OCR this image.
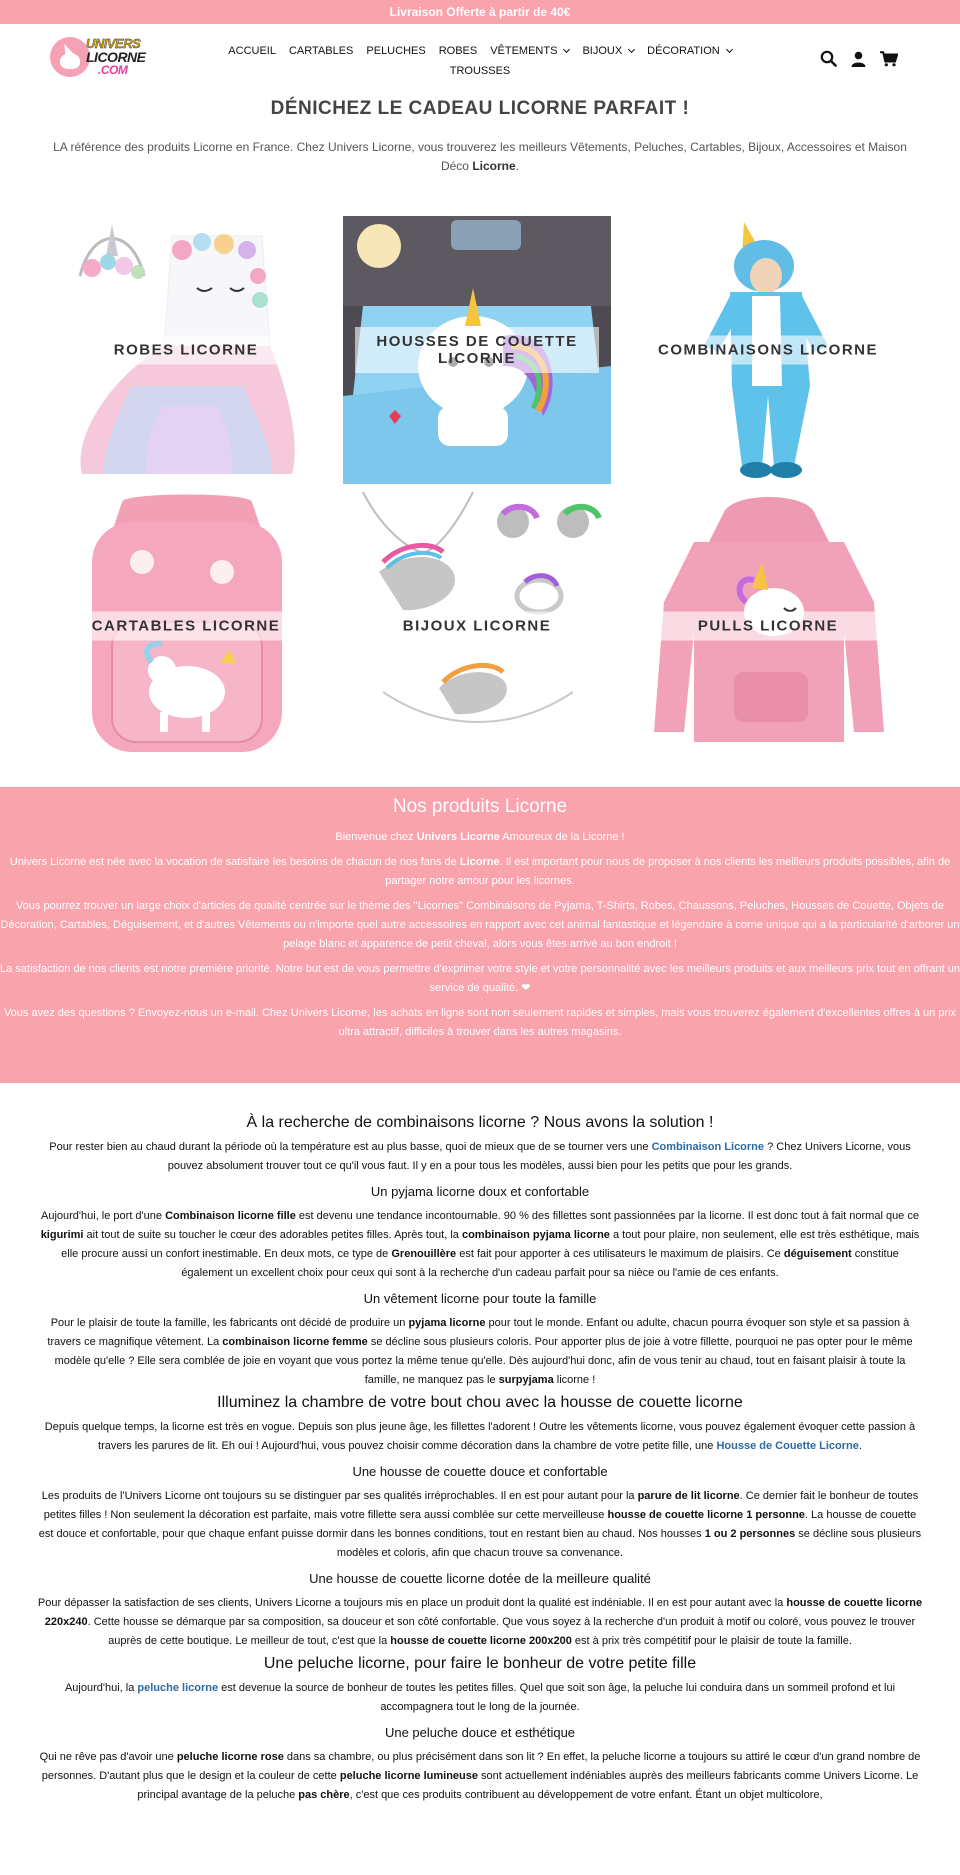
Livraison Offerte à partir de 40€
UNIVERS
LICORNE
.COM
ACCUEIL CARTABLES PELUCHES ROBES VÊTEMENTS BIJOUX DÉCORATION
TROUSSES
DÉNICHEZ LE CADEAU LICORNE PARFAIT !

LA référence des produits Licorne en France. Chez Univers Licorne, vous trouverez les meilleurs Vêtements, Peluches, Cartables, Bijoux, Accessoires et Maison Déco Licorne.

ROBES LICORNE	HOUSSES DE COUETTE LICORNE	COMBINAISONS LICORNE
CARTABLES LICORNE	BIJOUX LICORNE	PULLS LICORNE
Nos produits Licorne

Bienvenue chez Univers Licorne Amoureux de la Licorne !

Univers Licorne est née avec la vocation de satisfaire les besoins de chacun de nos fans de Licorne. Il est important pour nous de proposer à nos clients les meilleurs produits possibles, afin de partager notre amour pour les licornes.

Vous pourrez trouver un large choix d'articles de qualité centrée sur le thème des "Licornes" Combinaisons de Pyjama, T-Shirts, Robes, Chaussons, Peluches, Housses de Couette, Objets de Décoration, Cartables, Déguisement, et d'autres Vêtements ou n'importe quel autre accessoires en rapport avec cet animal fantastique et légendaire à corne unique qui a la particularité d'arborer un pelage blanc et apparence de petit cheval, alors vous êtes arrivé au bon endroit !

La satisfaction de nos clients est notre première priorité. Notre but est de vous permettre d'exprimer votre style et votre personnalité avec les meilleurs produits et aux meilleurs prix tout en offrant un service de qualité. ❤

Vous avez des questions ? Envoyez-nous un e-mail. Chez Univers Licorne, les achats en ligne sont non seulement rapides et simples, mais vous trouverez également d'excellentes offres à un prix ultra attractif, difficiles à trouver dans les autres magasins.

À la recherche de combinaisons licorne ? Nous avons la solution !

Pour rester bien au chaud durant la période où la température est au plus basse, quoi de mieux que de se tourner vers une Combinaison Licorne ? Chez Univers Licorne, vous pouvez absolument trouver tout ce qu'il vous faut. Il y en a pour tous les modèles, aussi bien pour les petits que pour les grands.

Un pyjama licorne doux et confortable

Aujourd'hui, le port d'une Combinaison licorne fille est devenu une tendance incontournable. 90 % des fillettes sont passionnées par la licorne. Il est donc tout à fait normal que ce kigurimi ait tout de suite su toucher le cœur des adorables petites filles. Après tout, la combinaison pyjama licorne a tout pour plaire, non seulement, elle est très esthétique, mais elle procure aussi un confort inestimable. En deux mots, ce type de Grenouillère est fait pour apporter à ces utilisateurs le maximum de plaisirs. Ce déguisement constitue également un excellent choix pour ceux qui sont à la recherche d'un cadeau parfait pour sa nièce ou l'amie de ces enfants.

Un vêtement licorne pour toute la famille

Pour le plaisir de toute la famille, les fabricants ont décidé de produire un pyjama licorne pour tout le monde. Enfant ou adulte, chacun pourra évoquer son style et sa passion à travers ce magnifique vêtement. La combinaison licorne femme se décline sous plusieurs coloris. Pour apporter plus de joie à votre fillette, pourquoi ne pas opter pour le même modèle qu'elle ? Elle sera comblée de joie en voyant que vous portez la même tenue qu'elle. Dès aujourd'hui donc, afin de vous tenir au chaud, tout en faisant plaisir à toute la famille, ne manquez pas le surpyjama licorne !

Illuminez la chambre de votre bout chou avec la housse de couette licorne

Depuis quelque temps, la licorne est très en vogue. Depuis son plus jeune âge, les fillettes l'adorent ! Outre les vêtements licorne, vous pouvez également évoquer cette passion à travers les parures de lit. Eh oui ! Aujourd'hui, vous pouvez choisir comme décoration dans la chambre de votre petite fille, une Housse de Couette Licorne.

Une housse de couette douce et confortable

Les produits de l'Univers Licorne ont toujours su se distinguer par ses qualités irréprochables. Il en est pour autant pour la parure de lit licorne. Ce dernier fait le bonheur de toutes petites filles ! Non seulement la décoration est parfaite, mais votre fillette sera aussi comblée sur cette merveilleuse housse de couette licorne 1 personne. La housse de couette est douce et confortable, pour que chaque enfant puisse dormir dans les bonnes conditions, tout en restant bien au chaud. Nos housses 1 ou 2 personnes se décline sous plusieurs modèles et coloris, afin que chacun trouve sa convenance.

Une housse de couette licorne dotée de la meilleure qualité

Pour dépasser la satisfaction de ses clients, Univers Licorne a toujours mis en place un produit dont la qualité est indéniable. Il en est pour autant avec la housse de couette licorne 220x240. Cette housse se démarque par sa composition, sa douceur et son côté confortable. Que vous soyez à la recherche d'un produit à motif ou coloré, vous pouvez le trouver auprès de cette boutique. Le meilleur de tout, c'est que la housse de couette licorne 200x200 est à prix très compétitif pour le plaisir de toute la famille.

Une peluche licorne, pour faire le bonheur de votre petite fille

Aujourd'hui, la peluche licorne est devenue la source de bonheur de toutes les petites filles. Quel que soit son âge, la peluche lui conduira dans un sommeil profond et lui accompagnera tout le long de la journée.

Une peluche douce et esthétique

Qui ne rêve pas d'avoir une peluche licorne rose dans sa chambre, ou plus précisément dans son lit ? En effet, la peluche licorne a toujours su attiré le cœur d'un grand nombre de personnes. D'autant plus que le design et la couleur de cette peluche licorne lumineuse sont actuellement indéniables auprès des meilleurs fabricants comme Univers Licorne. Le principal avantage de la peluche pas chère, c'est que ces produits contribuent au développement de votre enfant. Étant un objet multicolore,
